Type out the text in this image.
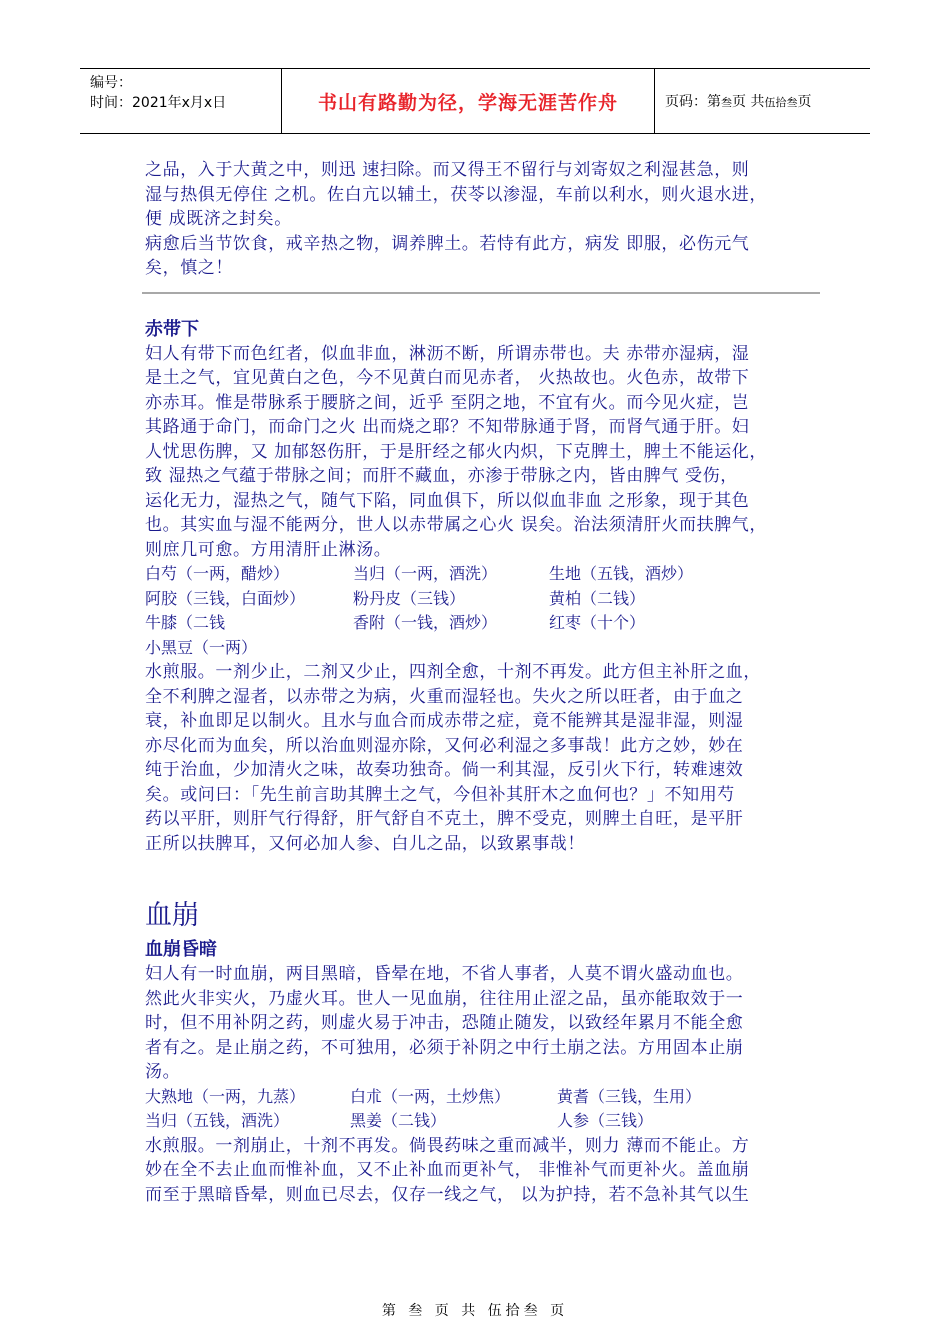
编号：
时间：2021年x月x日	书山有路勤为径，学海无涯苦作舟	页码：第叁页 共伍拾叁页
之品，入于大黄之中，则迅 速扫除。而又得王不留行与刘寄奴之利湿甚急，则
湿与热俱无停住 之机。佐白亢以辅土，茯苓以渗湿，车前以利水，则火退水进，
便 成既济之封矣。
病愈后当节饮食，戒辛热之物，调养脾土。若恃有此方，病发 即服，必伤元气
矣，慎之！
赤带下
妇人有带下而色红者，似血非血，淋沥不断，所谓赤带也。夫 赤带亦湿病，湿
是土之气，宜见黄白之色，今不见黄白而见赤者， 火热故也。火色赤，故带下
亦赤耳。惟是带脉系于腰脐之间，近乎 至阴之地，不宜有火。而今见火症，岂
其路通于命门，而命门之火 出而烧之耶？不知带脉通于肾，而肾气通于肝。妇
人忧思伤脾，又 加郁怒伤肝，于是肝经之郁火内炽，下克脾土，脾土不能运化，
致 湿热之气蕴于带脉之间；而肝不藏血，亦渗于带脉之内，皆由脾气 受伤，
运化无力，湿热之气，随气下陷，同血俱下，所以似血非血 之形象，现于其色
也。其实血与湿不能两分，世人以赤带属之心火 误矣。治法须清肝火而扶脾气，
则庶几可愈。方用清肝止淋汤。
白芍（一两，醋炒）	当归（一两，酒洗）	生地（五钱，酒炒）
阿胶（三钱，白面炒）	粉丹皮（三钱）	黄柏（二钱）
牛膝（二钱	香附（一钱，酒炒）	红枣（十个）
小黑豆（一两）
水煎服。一剂少止，二剂又少止，四剂全愈，十剂不再发。此方但主补肝之血，
全不利脾之湿者，以赤带之为病，火重而湿轻也。失火之所以旺者，由于血之
衰，补血即足以制火。且水与血合而成赤带之症，竟不能辨其是湿非湿，则湿
亦尽化而为血矣，所以治血则湿亦除，又何必利湿之多事哉！此方之妙，妙在
纯于治血，少加清火之味，故奏功独奇。倘一利其湿，反引火下行，转难速效
矣。或问曰：「先生前言助其脾土之气，今但补其肝木之血何也？」不知用芍
药以平肝，则肝气行得舒，肝气舒自不克土，脾不受克，则脾土自旺，是平肝
正所以扶脾耳，又何必加人参、白儿之品，以致累事哉！
血崩
血崩昏暗
妇人有一时血崩，两目黑暗，昏晕在地，不省人事者，人莫不谓火盛动血也。
然此火非实火，乃虚火耳。世人一见血崩，往往用止涩之品，虽亦能取效于一
时，但不用补阴之药，则虚火易于冲击，恐随止随发，以致经年累月不能全愈
者有之。是止崩之药，不可独用，必须于补阴之中行土崩之法。方用固本止崩
汤。
大熟地（一两，九蒸）	白朮（一两，土炒焦）	黄耆（三钱，生用）
当归（五钱，酒洗）	黑姜（二钱）	人参（三钱）
水煎服。一剂崩止，十剂不再发。倘畏药味之重而减半，则力 薄而不能止。方
妙在全不去止血而惟补血，又不止补血而更补气， 非惟补气而更补火。盖血崩
而至于黑暗昏晕，则血已尽去，仅存一线之气， 以为护持，若不急补其气以生
第 叁 页 共 伍拾叁 页
